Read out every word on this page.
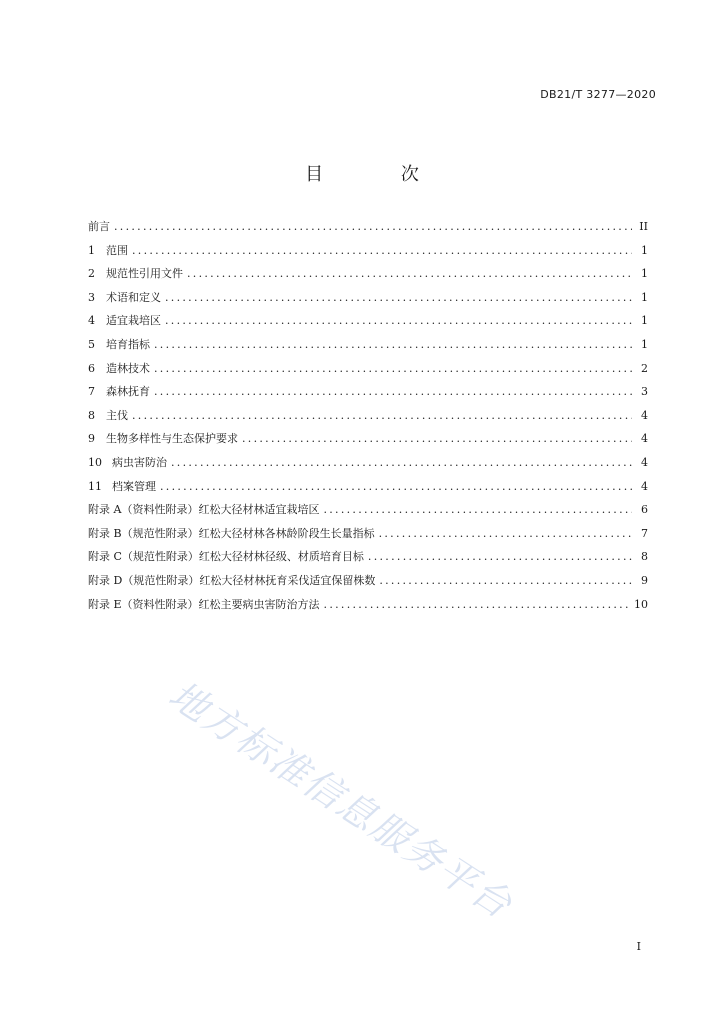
DB21/T 3277—2020
目 次
前言 .....	II
1	范围 .....	1
2	规范性引用文件 .....	1
3	术语和定义 .....	1
4	适宜栽培区 .....	1
5	培育指标 .....	1
6	造林技术 .....	2
7	森林抚育 .....	3
8	主伐 .....	4
9	生物多样性与生态保护要求 .....	4
10 病虫害防治 .....	4
11 档案管理 .....	4
附录 A（资料性附录） 红松大径材林适宜栽培区 .....	6
附录 B（规范性附录） 红松大径材林各林龄阶段生长量指标 .....	7
附录 C（规范性附录） 红松大径材林径级、材质培育目标 .....	8
附录 D（规范性附录） 红松大径材林抚育采伐适宜保留株数 .....	9
附录 E（资料性附录） 红松主要病虫害防治方法 .....	10
地方标准信息服务平台
I
